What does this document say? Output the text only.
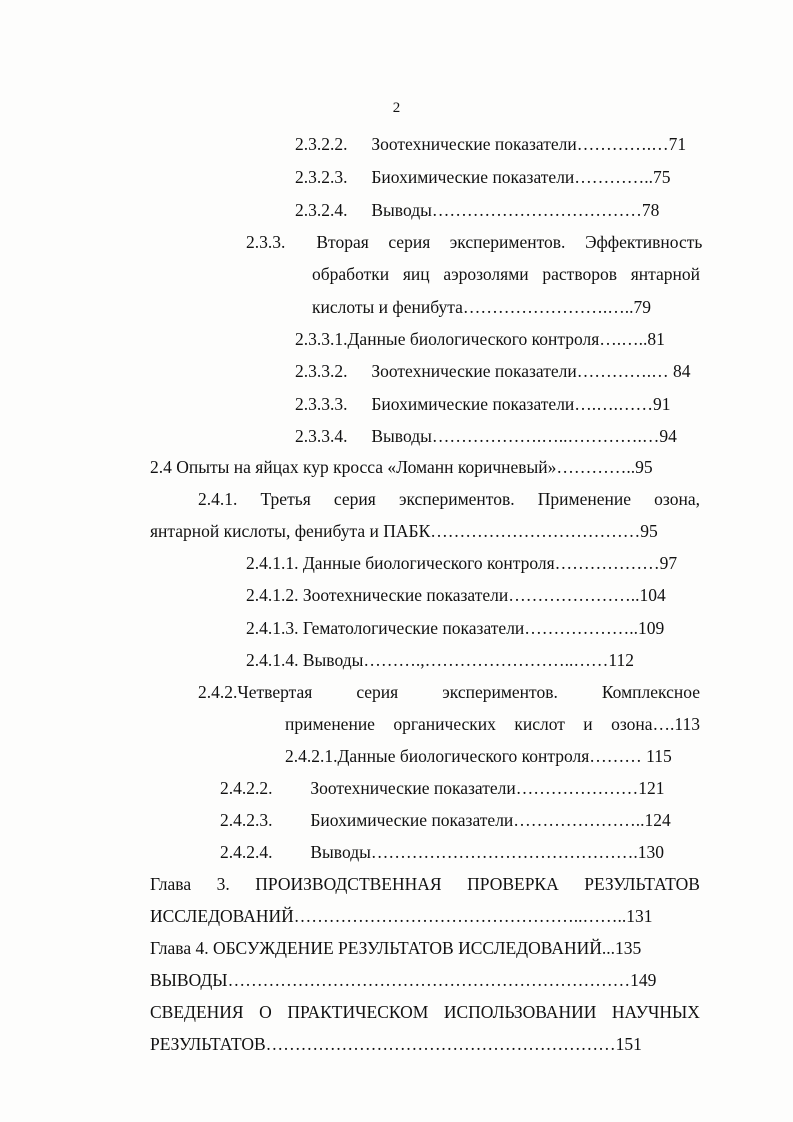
2
2.3.2.2. Зоотехнические показатели………….…71
2.3.2.3. Биохимические показатели…………..75
2.3.2.4. Выводы………………………………78
2.3.3. Вторая серия экспериментов. Эффективность
обработки яиц аэрозолями растворов янтарной
кислоты и фенибута…………………….…..79
2.3.3.1.Данные биологического контроля….…..81
2.3.3.2. Зоотехнические показатели………….… 84
2.3.3.3. Биохимические показатели….….……91
2.3.3.4. Выводы……………….…..………….…94
2.4 Опыты на яйцах кур кросса «Ломанн коричневый»…………..95
2.4.1. Третья серия экспериментов. Применение озона,
янтарной кислоты, фенибута и ПАБК………………………………95
2.4.1.1. Данные биологического контроля………………97
2.4.1.2. Зоотехнические показатели…………………..104
2.4.1.3. Гематологические показатели………………..109
2.4.1.4. Выводы……….,……………………..……112
2.4.2.Четвертая	серия	экспериментов.	Комплексное
применение органических кислот и озона….113
2.4.2.1.Данные биологического контроля……… 115
2.4.2.2. Зоотехнические показатели…………………121
2.4.2.3. Биохимические показатели…………………..124
2.4.2.4. Выводы……………………………………….130
Глава 3. ПРОИЗВОДСТВЕННАЯ ПРОВЕРКА РЕЗУЛЬТАТОВ
ИССЛЕДОВАНИЙ…………………………………………..……..131
Глава 4. ОБСУЖДЕНИЕ РЕЗУЛЬТАТОВ ИССЛЕДОВАНИЙ...135
ВЫВОДЫ……………………………………………………………149
СВЕДЕНИЯ О ПРАКТИЧЕСКОМ ИСПОЛЬЗОВАНИИ НАУЧНЫХ
РЕЗУЛЬТАТОВ……………………………………………………151
